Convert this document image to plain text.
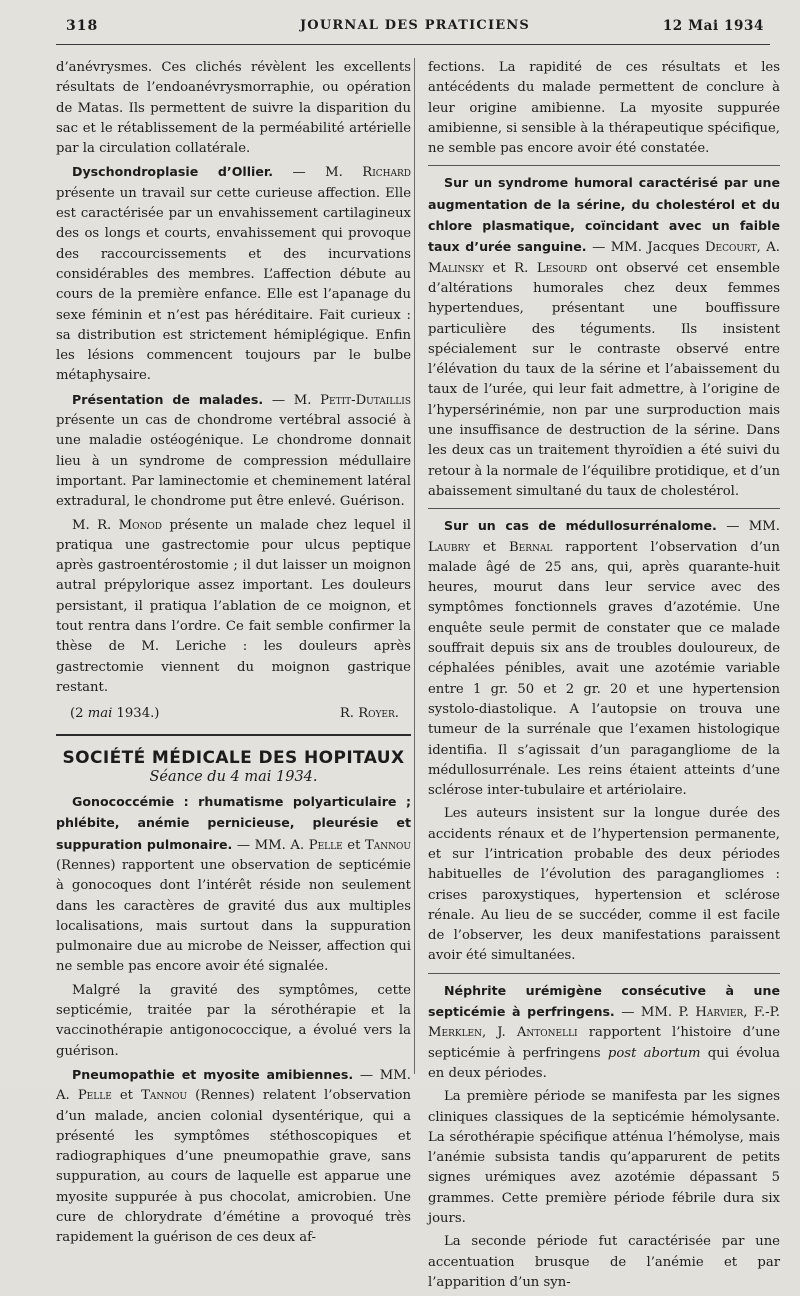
318	JOURNAL DES PRATICIENS	12 Mai 1934

d’anévrysmes. Ces clichés révèlent les excellents résultats de l’endoanévrysmorraphie, ou opération de Matas. Ils permettent de suivre la disparition du sac et le rétablissement de la perméabilité artérielle par la circulation collatérale.

Dyschondroplasie d’Ollier. — M. Richard présente un travail sur cette curieuse affection. Elle est caractérisée par un envahissement cartilagineux des os longs et courts, envahissement qui provoque des raccourcissements et des incurvations considérables des membres. L’affection débute au cours de la première enfance. Elle est l’apanage du sexe féminin et n’est pas héréditaire. Fait curieux : sa distribution est strictement hémiplégique. Enfin les lésions commencent toujours par le bulbe métaphysaire.

Présentation de malades. — M. Petit-Dutaillis présente un cas de chondrome vertébral associé à une maladie ostéogénique. Le chondrome donnait lieu à un syndrome de compression médullaire important. Par laminectomie et cheminement latéral extradural, le chondrome put être enlevé. Guérison.

M. R. Monod présente un malade chez lequel il pratiqua une gastrectomie pour ulcus peptique après gastroentérostomie ; il dut laisser un moignon autral prépylorique assez important. Les douleurs persistant, il pratiqua l’ablation de ce moignon, et tout rentra dans l’ordre. Ce fait semble confirmer la thèse de M. Leriche : les douleurs après gastrectomie viennent du moignon gastrique restant.

(2 mai 1934.)	R. Royer.
SOCIÉTÉ MÉDICALE DES HOPITAUX
Séance du 4 mai 1934.

Gonococcémie : rhumatisme polyarticulaire ; phlébite, anémie pernicieuse, pleurésie et suppuration pulmonaire. — MM. A. Pelle et Tannou (Rennes) rapportent une observation de septicémie à gonocoques dont l’intérêt réside non seulement dans les caractères de gravité dus aux multiples localisations, mais surtout dans la suppuration pulmonaire due au microbe de Neisser, affection qui ne semble pas encore avoir été signalée.

Malgré la gravité des symptômes, cette septicémie, traitée par la sérothérapie et la vaccinothérapie antigonococcique, a évolué vers la guérison.

Pneumopathie et myosite amibiennes. — MM. A. Pelle et Tannou (Rennes) relatent l’observation d’un malade, ancien colonial dysentérique, qui a présenté les symptômes stéthoscopiques et radiographiques d’une pneumopathie grave, sans suppuration, au cours de laquelle est apparue une myosite suppurée à pus chocolat, amicrobien. Une cure de chlorydrate d’émétine a provoqué très rapidement la guérison de ces deux af-

fections. La rapidité de ces résultats et les antécédents du malade permettent de conclure à leur origine amibienne. La myosite suppurée amibienne, si sensible à la thérapeutique spécifique, ne semble pas encore avoir été constatée.

Sur un syndrome humoral caractérisé par une augmentation de la sérine, du cholestérol et du chlore plasmatique, coïncidant avec un faible taux d’urée sanguine. — MM. Jacques Decourt, A. Malinsky et R. Lesourd ont observé cet ensemble d’altérations humorales chez deux femmes hypertendues, présentant une bouffissure particulière des téguments. Ils insistent spécialement sur le contraste observé entre l’élévation du taux de la sérine et l’abaissement du taux de l’urée, qui leur fait admettre, à l’origine de l’hypersérinémie, non par une surproduction mais une insuffisance de destruction de la sérine. Dans les deux cas un traitement thyroïdien a été suivi du retour à la normale de l’équilibre protidique, et d’un abaissement simultané du taux de cholestérol.

Sur un cas de médullosurrénalome. — MM. Laubry et Bernal rapportent l’observation d’un malade âgé de 25 ans, qui, après quarante-huit heures, mourut dans leur service avec des symptômes fonctionnels graves d’azotémie. Une enquête seule permit de constater que ce malade souffrait depuis six ans de troubles douloureux, de céphalées pénibles, avait une azotémie variable entre 1 gr. 50 et 2 gr. 20 et une hypertension systolo-diastolique. A l’autopsie on trouva une tumeur de la surrénale que l’examen histologique identifia. Il s’agissait d’un paragangliome de la médullosurrénale. Les reins étaient atteints d’une sclérose inter-tubulaire et artériolaire.

Les auteurs insistent sur la longue durée des accidents rénaux et de l’hypertension permanente, et sur l’intrication probable des deux périodes habituelles de l’évolution des paragangliomes : crises paroxystiques, hypertension et sclérose rénale. Au lieu de se succéder, comme il est facile de l’observer, les deux manifestations paraissent avoir été simultanées.

Néphrite urémigène consécutive à une septicémie à perfringens. — MM. P. Harvier, F.-P. Merklen, J. Antonelli rapportent l’histoire d’une septicémie à perfringens post abortum qui évolua en deux périodes.

La première période se manifesta par les signes cliniques classiques de la septicémie hémolysante. La sérothérapie spécifique atténua l’hémolyse, mais l’anémie subsista tandis qu’apparurent de petits signes urémiques avez azotémie dépassant 5 grammes. Cette première période fébrile dura six jours.

La seconde période fut caractérisée par une accentuation brusque de l’anémie et par l’apparition d’un syn-
